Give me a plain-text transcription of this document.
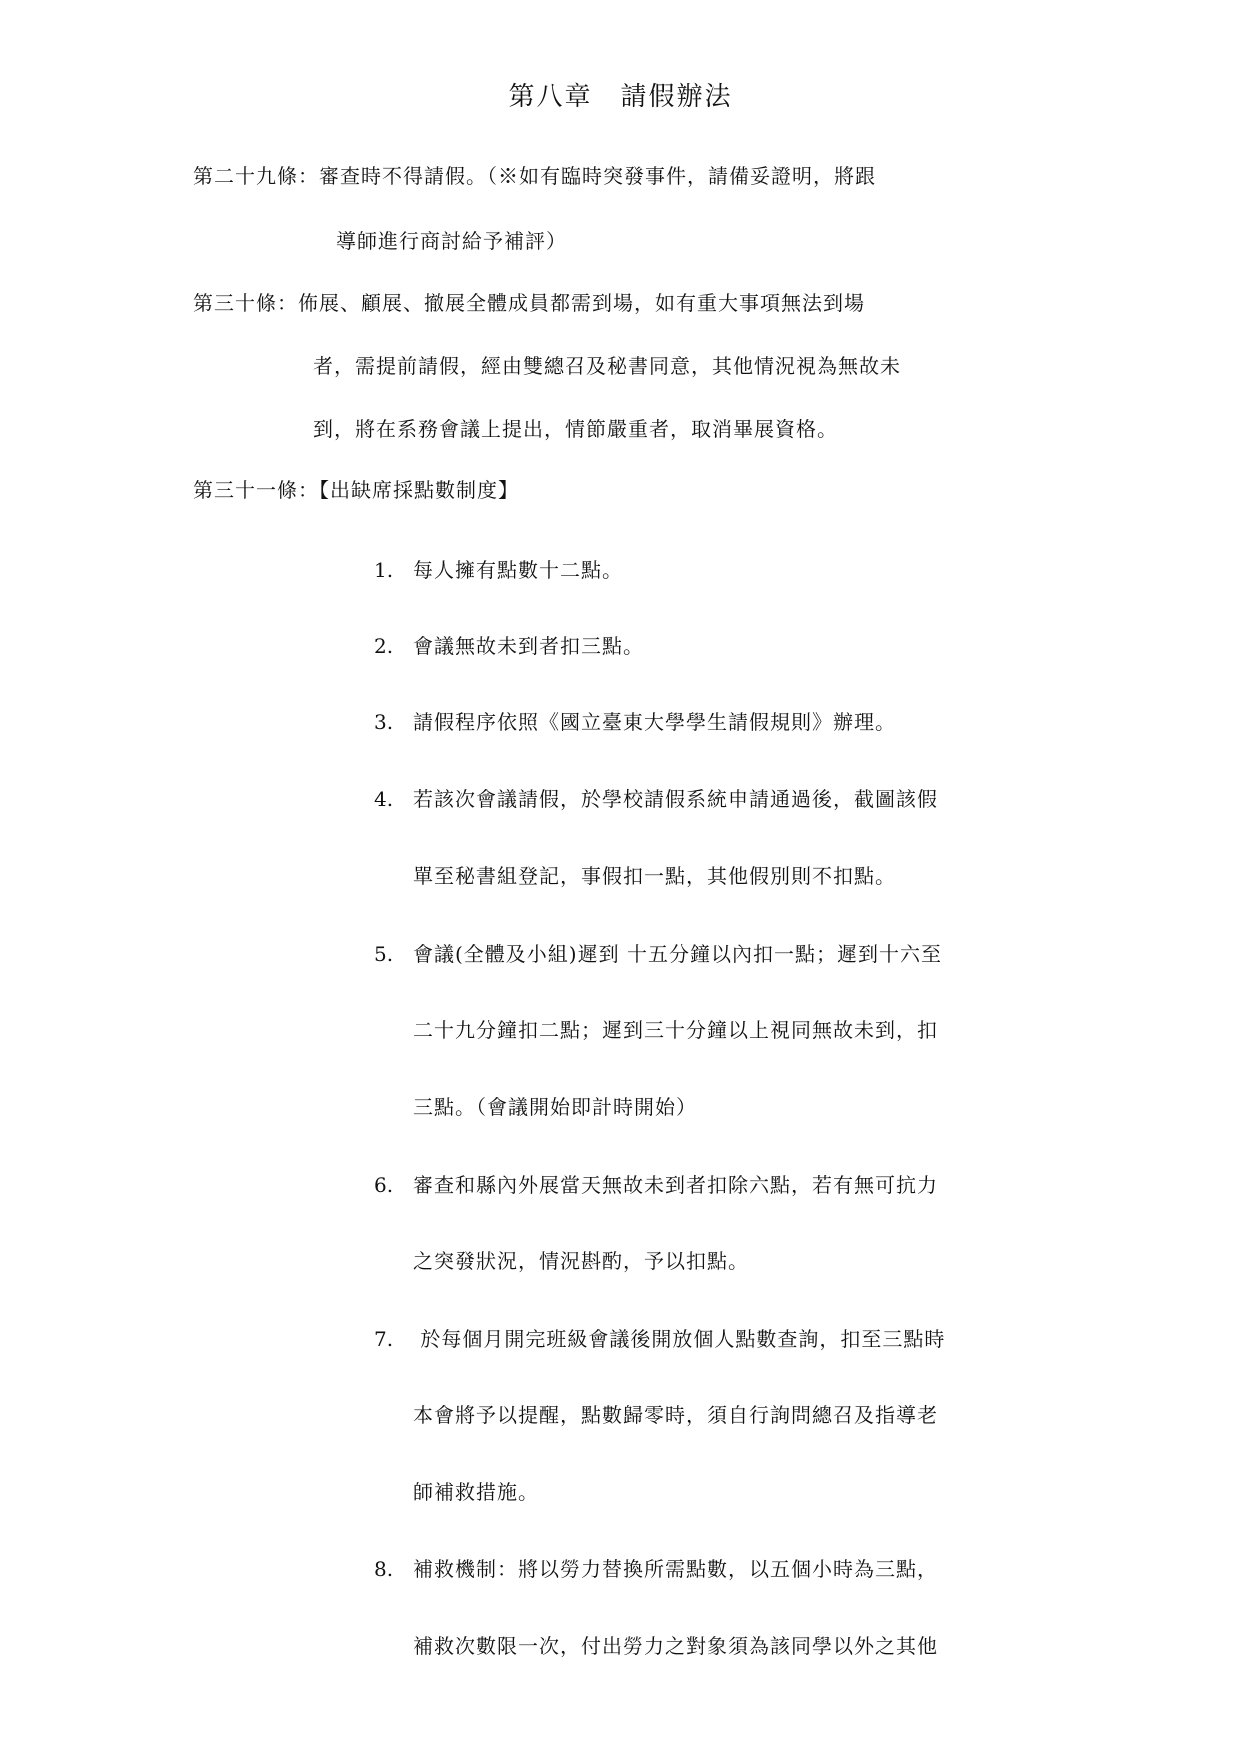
第八章　請假辦法
第二十九條：審查時不得請假。（※如有臨時突發事件，請備妥證明，將跟
導師進行商討給予補評）
第三十條：佈展、顧展、撤展全體成員都需到場，如有重大事項無法到場
者，需提前請假，經由雙總召及秘書同意，其他情況視為無故未
到，將在系務會議上提出，情節嚴重者，取消畢展資格。
第三十一條：【出缺席採點數制度】
1. 每人擁有點數十二點。
2. 會議無故未到者扣三點。
3. 請假程序依照《國立臺東大學學生請假規則》辦理。
4. 若該次會議請假，於學校請假系統申請通過後，截圖該假
單至秘書組登記，事假扣一點，其他假別則不扣點。
5. 會議(全體及小組)遲到 十五分鐘以內扣一點；遲到十六至
二十九分鐘扣二點；遲到三十分鐘以上視同無故未到，扣
三點。（會議開始即計時開始）
6. 審查和縣內外展當天無故未到者扣除六點，若有無可抗力
之突發狀況，情況斟酌，予以扣點。
7. 於每個月開完班級會議後開放個人點數查詢，扣至三點時
本會將予以提醒，點數歸零時，須自行詢問總召及指導老
師補救措施。
8. 補救機制：將以勞力替換所需點數，以五個小時為三點，
補救次數限一次，付出勞力之對象須為該同學以外之其他
